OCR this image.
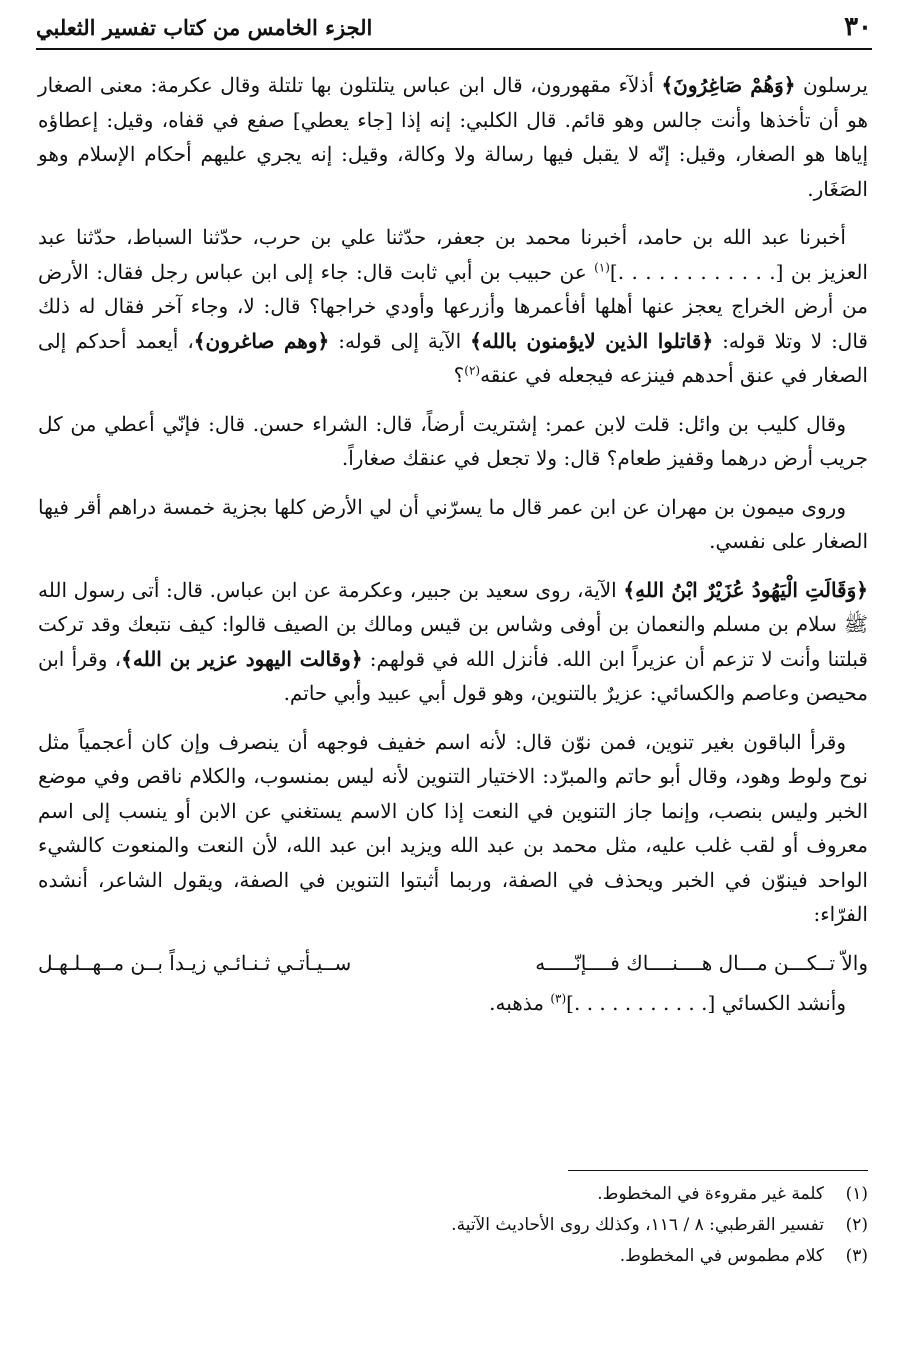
٣٠
الجزء الخامس من كتاب تفسير الثعلبي

يرسلون ﴿وَهُمْ صَاغِرُونَ﴾ أذلآء مقهورون، قال ابن عباس يتلتلون بها تلتلة وقال عكرمة: معنى الصغار هو أن تأخذها وأنت جالس وهو قائم. قال الكلبي: إنه إذا [جاء يعطي] صفع في قفاه، وقيل: إعطاؤه إياها هو الصغار، وقيل: إنّه لا يقبل فيها رسالة ولا وكالة، وقيل: إنه يجري عليهم أحكام الإسلام وهو الصَغَار.

أخبرنا عبد الله بن حامد، أخبرنا محمد بن جعفر، حدّثنا علي بن حرب، حدّثنا السباط، حدّثنا عبد العزيز بن [. . . . . . . . . . . .]$^{(١)}$ عن حبيب بن أبي ثابت قال: جاء إلى ابن عباس رجل فقال: الأرض من أرض الخراج يعجز عنها أهلها أفأعمرها وأزرعها وأودي خراجها؟ قال: لا، وجاء آخر فقال له ذلك قال: لا وتلا قوله: ﴿قاتلوا الذين لايؤمنون بالله﴾ الآية إلى قوله: ﴿وهم صاغرون﴾، أيعمد أحدكم إلى الصغار في عنق أحدهم فينزعه فيجعله في عنقه$^{(٢)}$؟

وقال كليب بن وائل: قلت لابن عمر: إشتريت أرضاً، قال: الشراء حسن. قال: فإنّي أعطي من كل جريب أرض درهما وقفيز طعام؟ قال: ولا تجعل في عنقك صغاراً.

وروى ميمون بن مهران عن ابن عمر قال ما يسرّني أن لي الأرض كلها بجزية خمسة دراهم أقر فيها الصغار على نفسي.

﴿وَقَالَتِ الْيَهُودُ عُزَيْرٌ ابْنُ اللهِ﴾ الآية، روى سعيد بن جبير، وعكرمة عن ابن عباس. قال: أتى رسول الله ﷺ سلام بن مسلم والنعمان بن أوفى وشاس بن قيس ومالك بن الصيف قالوا: كيف نتبعك وقد تركت قبلتنا وأنت لا تزعم أن عزيراً ابن الله. فأنزل الله في قولهم: ﴿وقالت اليهود عزير بن الله﴾، وقرأ ابن محيصن وعاصم والكسائي: عزيرٌ بالتنوين، وهو قول أبي عبيد وأبي حاتم.

وقرأ الباقون بغير تنوين، فمن نوّن قال: لأنه اسم خفيف فوجهه أن ينصرف وإن كان أعجمياً مثل نوح ولوط وهود، وقال أبو حاتم والمبرّد: الاختيار التنوين لأنه ليس بمنسوب، والكلام ناقص وفي موضع الخبر وليس بنصب، وإنما جاز التنوين في النعت إذا كان الاسم يستغني عن الابن أو ينسب إلى اسم معروف أو لقب غلب عليه، مثل محمد بن عبد الله ويزيد ابن عبد الله، لأن النعت والمنعوت كالشيء الواحد فينوّن في الخبر ويحذف في الصفة، وربما أثبتوا التنوين في الصفة، ويقول الشاعر، أنشده الفرّاء:

والاّ تــكـــن مـــال هــــنــــاك فــــإنّـــــه
ســيـأتـي ثـنـائـي زيـداً بــن مــهــلـهـل

وأنشد الكسائي [. . . . . . . . . . .]$^{(٣)}$ مذهبه.

(١)
كلمة غير مقروءة في المخطوط.
(٢)
تفسير القرطبي: ٨ / ١١٦، وكذلك روى الأحاديث الآتية.
(٣)
كلام مطموس في المخطوط.
